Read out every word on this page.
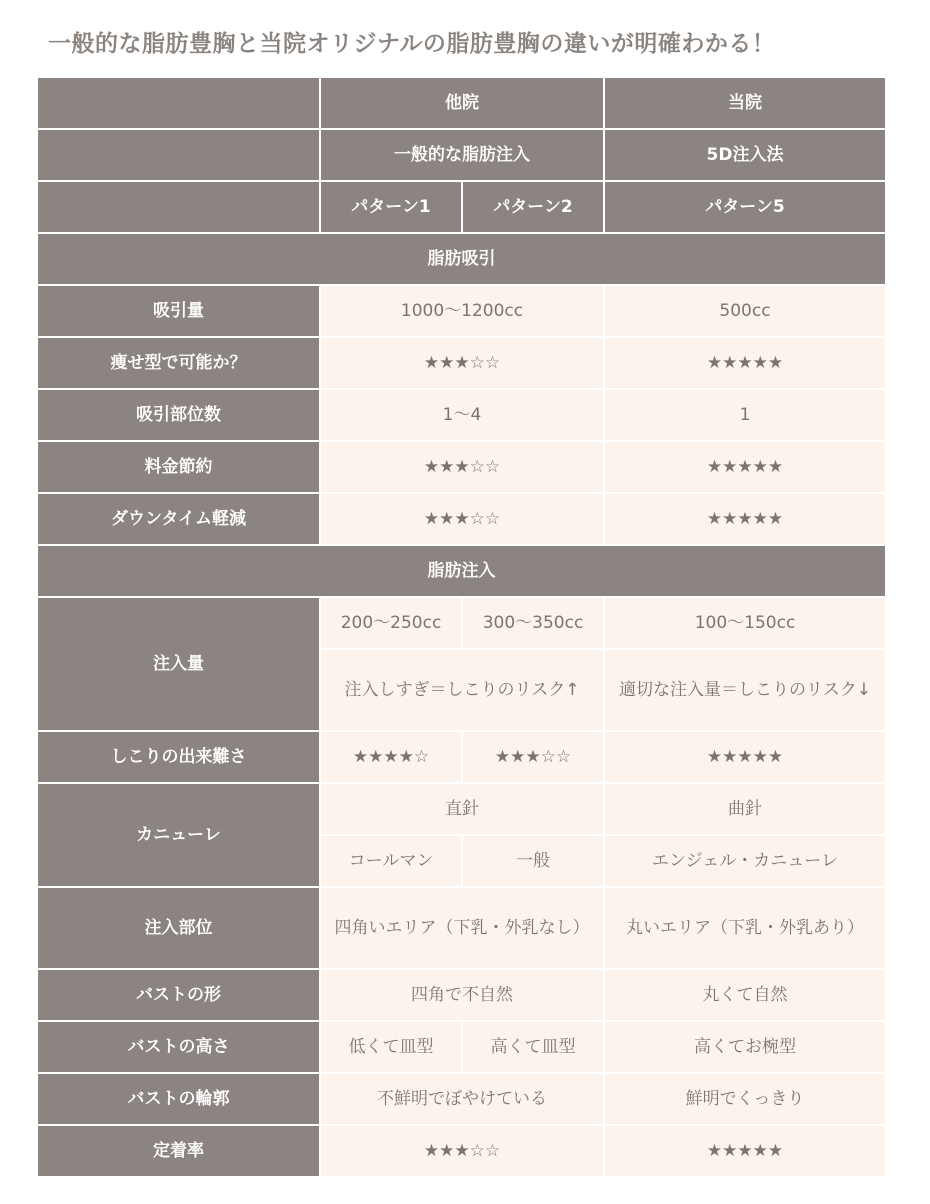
一般的な脂肪豊胸と当院オリジナルの脂肪豊胸の違いが明確わかる！
	他院		当院
	一般的な脂肪注入		5D注入法
	パターン1	パターン2	パターン5
脂肪吸引			
吸引量	1000〜1200cc		500cc
痩せ型で可能か？	★★★☆☆		★★★★★
吸引部位数	1〜4		1
料金節約	★★★☆☆		★★★★★
ダウンタイム軽減	★★★☆☆		★★★★★
脂肪注入			
注入量	200〜250cc	300〜350cc	100〜150cc
	注入しすぎ＝しこりのリスク↑		適切な注入量＝しこりのリスク↓
しこりの出来難さ	★★★★☆	★★★☆☆	★★★★★
カニューレ	直針		曲針
	コールマン	一般	エンジェル・カニューレ
注入部位	四角いエリア（下乳・外乳なし）		丸いエリア（下乳・外乳あり）
バストの形	四角で不自然		丸くて自然
バストの高さ	低くて皿型	高くて皿型	高くてお椀型
バストの輪郭	不鮮明でぼやけている		鮮明でくっきり
定着率	★★★☆☆		★★★★★
